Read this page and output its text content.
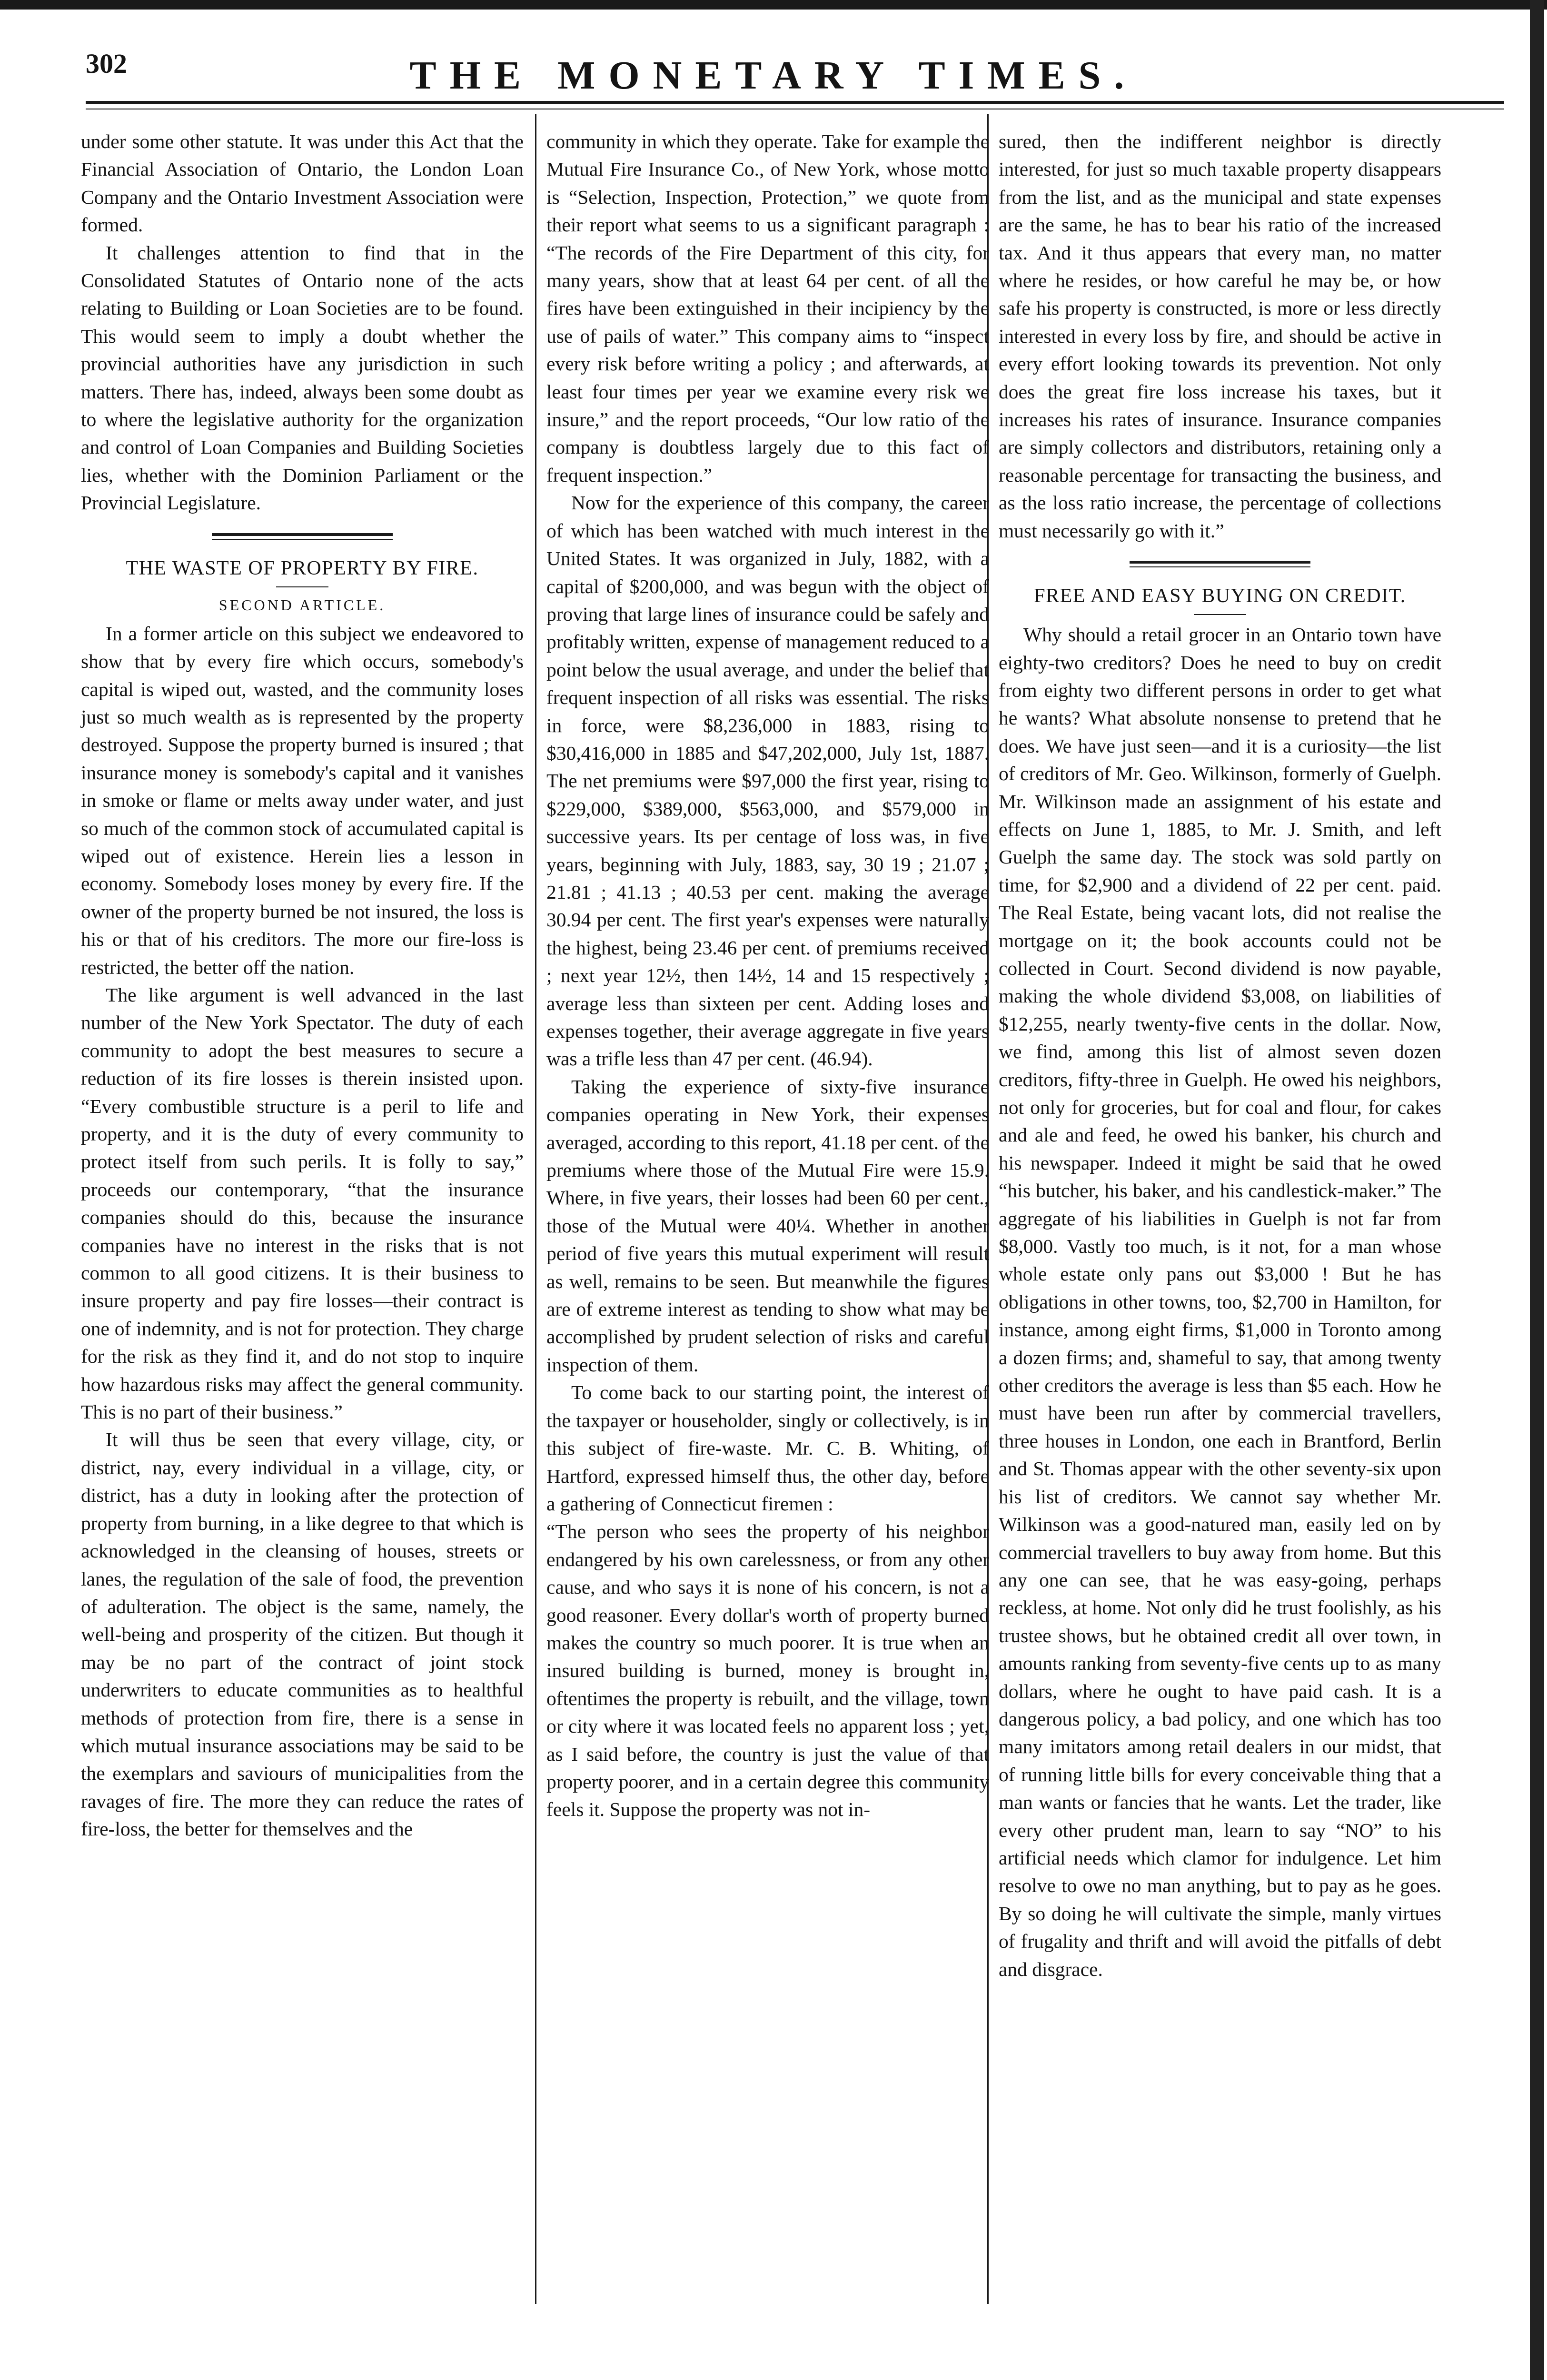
302	THE MONETARY TIMES.

under some other statute. It was under this Act that the Financial Association of Ontario, the London Loan Company and the Ontario Investment Association were formed.

It challenges attention to find that in the Consolidated Statutes of Ontario none of the acts relating to Building or Loan Societies are to be found. This would seem to imply a doubt whether the provincial authorities have any jurisdiction in such matters. There has, indeed, always been some doubt as to where the legislative authority for the organization and control of Loan Companies and Building Societies lies, whether with the Dominion Parliament or the Provincial Legislature.

THE WASTE OF PROPERTY BY FIRE.
SECOND ARTICLE.

In a former article on this subject we endeavored to show that by every fire which occurs, somebody's capital is wiped out, wasted, and the community loses just so much wealth as is represented by the property destroyed. Suppose the property burned is insured ; that insurance money is somebody's capital and it vanishes in smoke or flame or melts away under water, and just so much of the common stock of accumulated capital is wiped out of existence. Herein lies a lesson in economy. Somebody loses money by every fire. If the owner of the property burned be not insured, the loss is his or that of his creditors. The more our fire-loss is restricted, the better off the nation.

The like argument is well advanced in the last number of the New York Spectator. The duty of each community to adopt the best measures to secure a reduction of its fire losses is therein insisted upon. “Every combustible structure is a peril to life and property, and it is the duty of every community to protect itself from such perils. It is folly to say,” proceeds our contemporary, “that the insurance companies should do this, because the insurance companies have no interest in the risks that is not common to all good citizens. It is their business to insure property and pay fire losses—their contract is one of indemnity, and is not for protection. They charge for the risk as they find it, and do not stop to inquire how hazardous risks may affect the general community. This is no part of their business.”

It will thus be seen that every village, city, or district, nay, every individual in a village, city, or district, has a duty in looking after the protection of property from burning, in a like degree to that which is acknowledged in the cleansing of houses, streets or lanes, the regulation of the sale of food, the prevention of adulteration. The object is the same, namely, the well-being and prosperity of the citizen. But though it may be no part of the contract of joint stock underwriters to educate communities as to healthful methods of protection from fire, there is a sense in which mutual insurance associations may be said to be the exemplars and saviours of municipalities from the ravages of fire. The more they can reduce the rates of fire-loss, the better for themselves and the

community in which they operate. Take for example the Mutual Fire Insurance Co., of New York, whose motto is “Selection, Inspection, Protection,” we quote from their report what seems to us a significant paragraph : “The records of the Fire Department of this city, for many years, show that at least 64 per cent. of all the fires have been extinguished in their incipiency by the use of pails of water.” This company aims to “inspect every risk before writing a policy ; and afterwards, at least four times per year we examine every risk we insure,” and the report proceeds, “Our low ratio of the company is doubtless largely due to this fact of frequent inspection.”

Now for the experience of this company, the career of which has been watched with much interest in the United States. It was organized in July, 1882, with a capital of $200,000, and was begun with the object of proving that large lines of insurance could be safely and profitably written, expense of management reduced to a point below the usual average, and under the belief that frequent inspection of all risks was essential. The risks in force, were $8,236,000 in 1883, rising to $30,416,000 in 1885 and $47,202,000, July 1st, 1887. The net premiums were $97,000 the first year, rising to $229,000, $389,000, $563,000, and $579,000 in successive years. Its per centage of loss was, in five years, beginning with July, 1883, say, 30 19 ; 21.07 ; 21.81 ; 41.13 ; 40.53 per cent. making the average 30.94 per cent. The first year's expenses were naturally the highest, being 23.46 per cent. of premiums received ; next year 12½, then 14½, 14 and 15 respectively ; average less than sixteen per cent. Adding loses and expenses together, their average aggregate in five years was a trifle less than 47 per cent. (46.94).

Taking the experience of sixty-five insurance companies operating in New York, their expenses averaged, according to this report, 41.18 per cent. of the premiums where those of the Mutual Fire were 15.9. Where, in five years, their losses had been 60 per cent., those of the Mutual were 40¼. Whether in another period of five years this mutual experiment will result as well, remains to be seen. But meanwhile the figures are of extreme interest as tending to show what may be accomplished by prudent selection of risks and careful inspection of them.

To come back to our starting point, the interest of the taxpayer or householder, singly or collectively, is in this subject of fire-waste. Mr. C. B. Whiting, of Hartford, expressed himself thus, the other day, before a gathering of Connecticut firemen :

“The person who sees the property of his neighbor endangered by his own carelessness, or from any other cause, and who says it is none of his concern, is not a good reasoner. Every dollar's worth of property burned makes the country so much poorer. It is true when an insured building is burned, money is brought in, oftentimes the property is rebuilt, and the village, town or city where it was located feels no apparent loss ; yet, as I said before, the country is just the value of that property poorer, and in a certain degree this community feels it. Suppose the property was not in-

sured, then the indifferent neighbor is directly interested, for just so much taxable property disappears from the list, and as the municipal and state expenses are the same, he has to bear his ratio of the increased tax. And it thus appears that every man, no matter where he resides, or how careful he may be, or how safe his property is constructed, is more or less directly interested in every loss by fire, and should be active in every effort looking towards its prevention. Not only does the great fire loss increase his taxes, but it increases his rates of insurance. Insurance companies are simply collectors and distributors, retaining only a reasonable percentage for transacting the business, and as the loss ratio increase, the percentage of collections must necessarily go with it.”

FREE AND EASY BUYING ON CREDIT.

Why should a retail grocer in an Ontario town have eighty-two creditors? Does he need to buy on credit from eighty two different persons in order to get what he wants? What absolute nonsense to pretend that he does. We have just seen—and it is a curiosity—the list of creditors of Mr. Geo. Wilkinson, formerly of Guelph. Mr. Wilkinson made an assignment of his estate and effects on June 1, 1885, to Mr. J. Smith, and left Guelph the same day. The stock was sold partly on time, for $2,900 and a dividend of 22 per cent. paid. The Real Estate, being vacant lots, did not realise the mortgage on it; the book accounts could not be collected in Court. Second dividend is now payable, making the whole dividend $3,008, on liabilities of $12,255, nearly twenty-five cents in the dollar. Now, we find, among this list of almost seven dozen creditors, fifty-three in Guelph. He owed his neighbors, not only for groceries, but for coal and flour, for cakes and ale and feed, he owed his banker, his church and his newspaper. Indeed it might be said that he owed “his butcher, his baker, and his candlestick-maker.” The aggregate of his liabilities in Guelph is not far from $8,000. Vastly too much, is it not, for a man whose whole estate only pans out $3,000 ! But he has obligations in other towns, too, $2,700 in Hamilton, for instance, among eight firms, $1,000 in Toronto among a dozen firms; and, shameful to say, that among twenty other creditors the average is less than $5 each. How he must have been run after by commercial travellers, three houses in London, one each in Brantford, Berlin and St. Thomas appear with the other seventy-six upon his list of creditors. We cannot say whether Mr. Wilkinson was a good-natured man, easily led on by commercial travellers to buy away from home. But this any one can see, that he was easy-going, perhaps reckless, at home. Not only did he trust foolishly, as his trustee shows, but he obtained credit all over town, in amounts ranking from seventy-five cents up to as many dollars, where he ought to have paid cash. It is a dangerous policy, a bad policy, and one which has too many imitators among retail dealers in our midst, that of running little bills for every conceivable thing that a man wants or fancies that he wants. Let the trader, like every other prudent man, learn to say “NO” to his artificial needs which clamor for indulgence. Let him resolve to owe no man anything, but to pay as he goes. By so doing he will cultivate the simple, manly virtues of frugality and thrift and will avoid the pitfalls of debt and disgrace.
